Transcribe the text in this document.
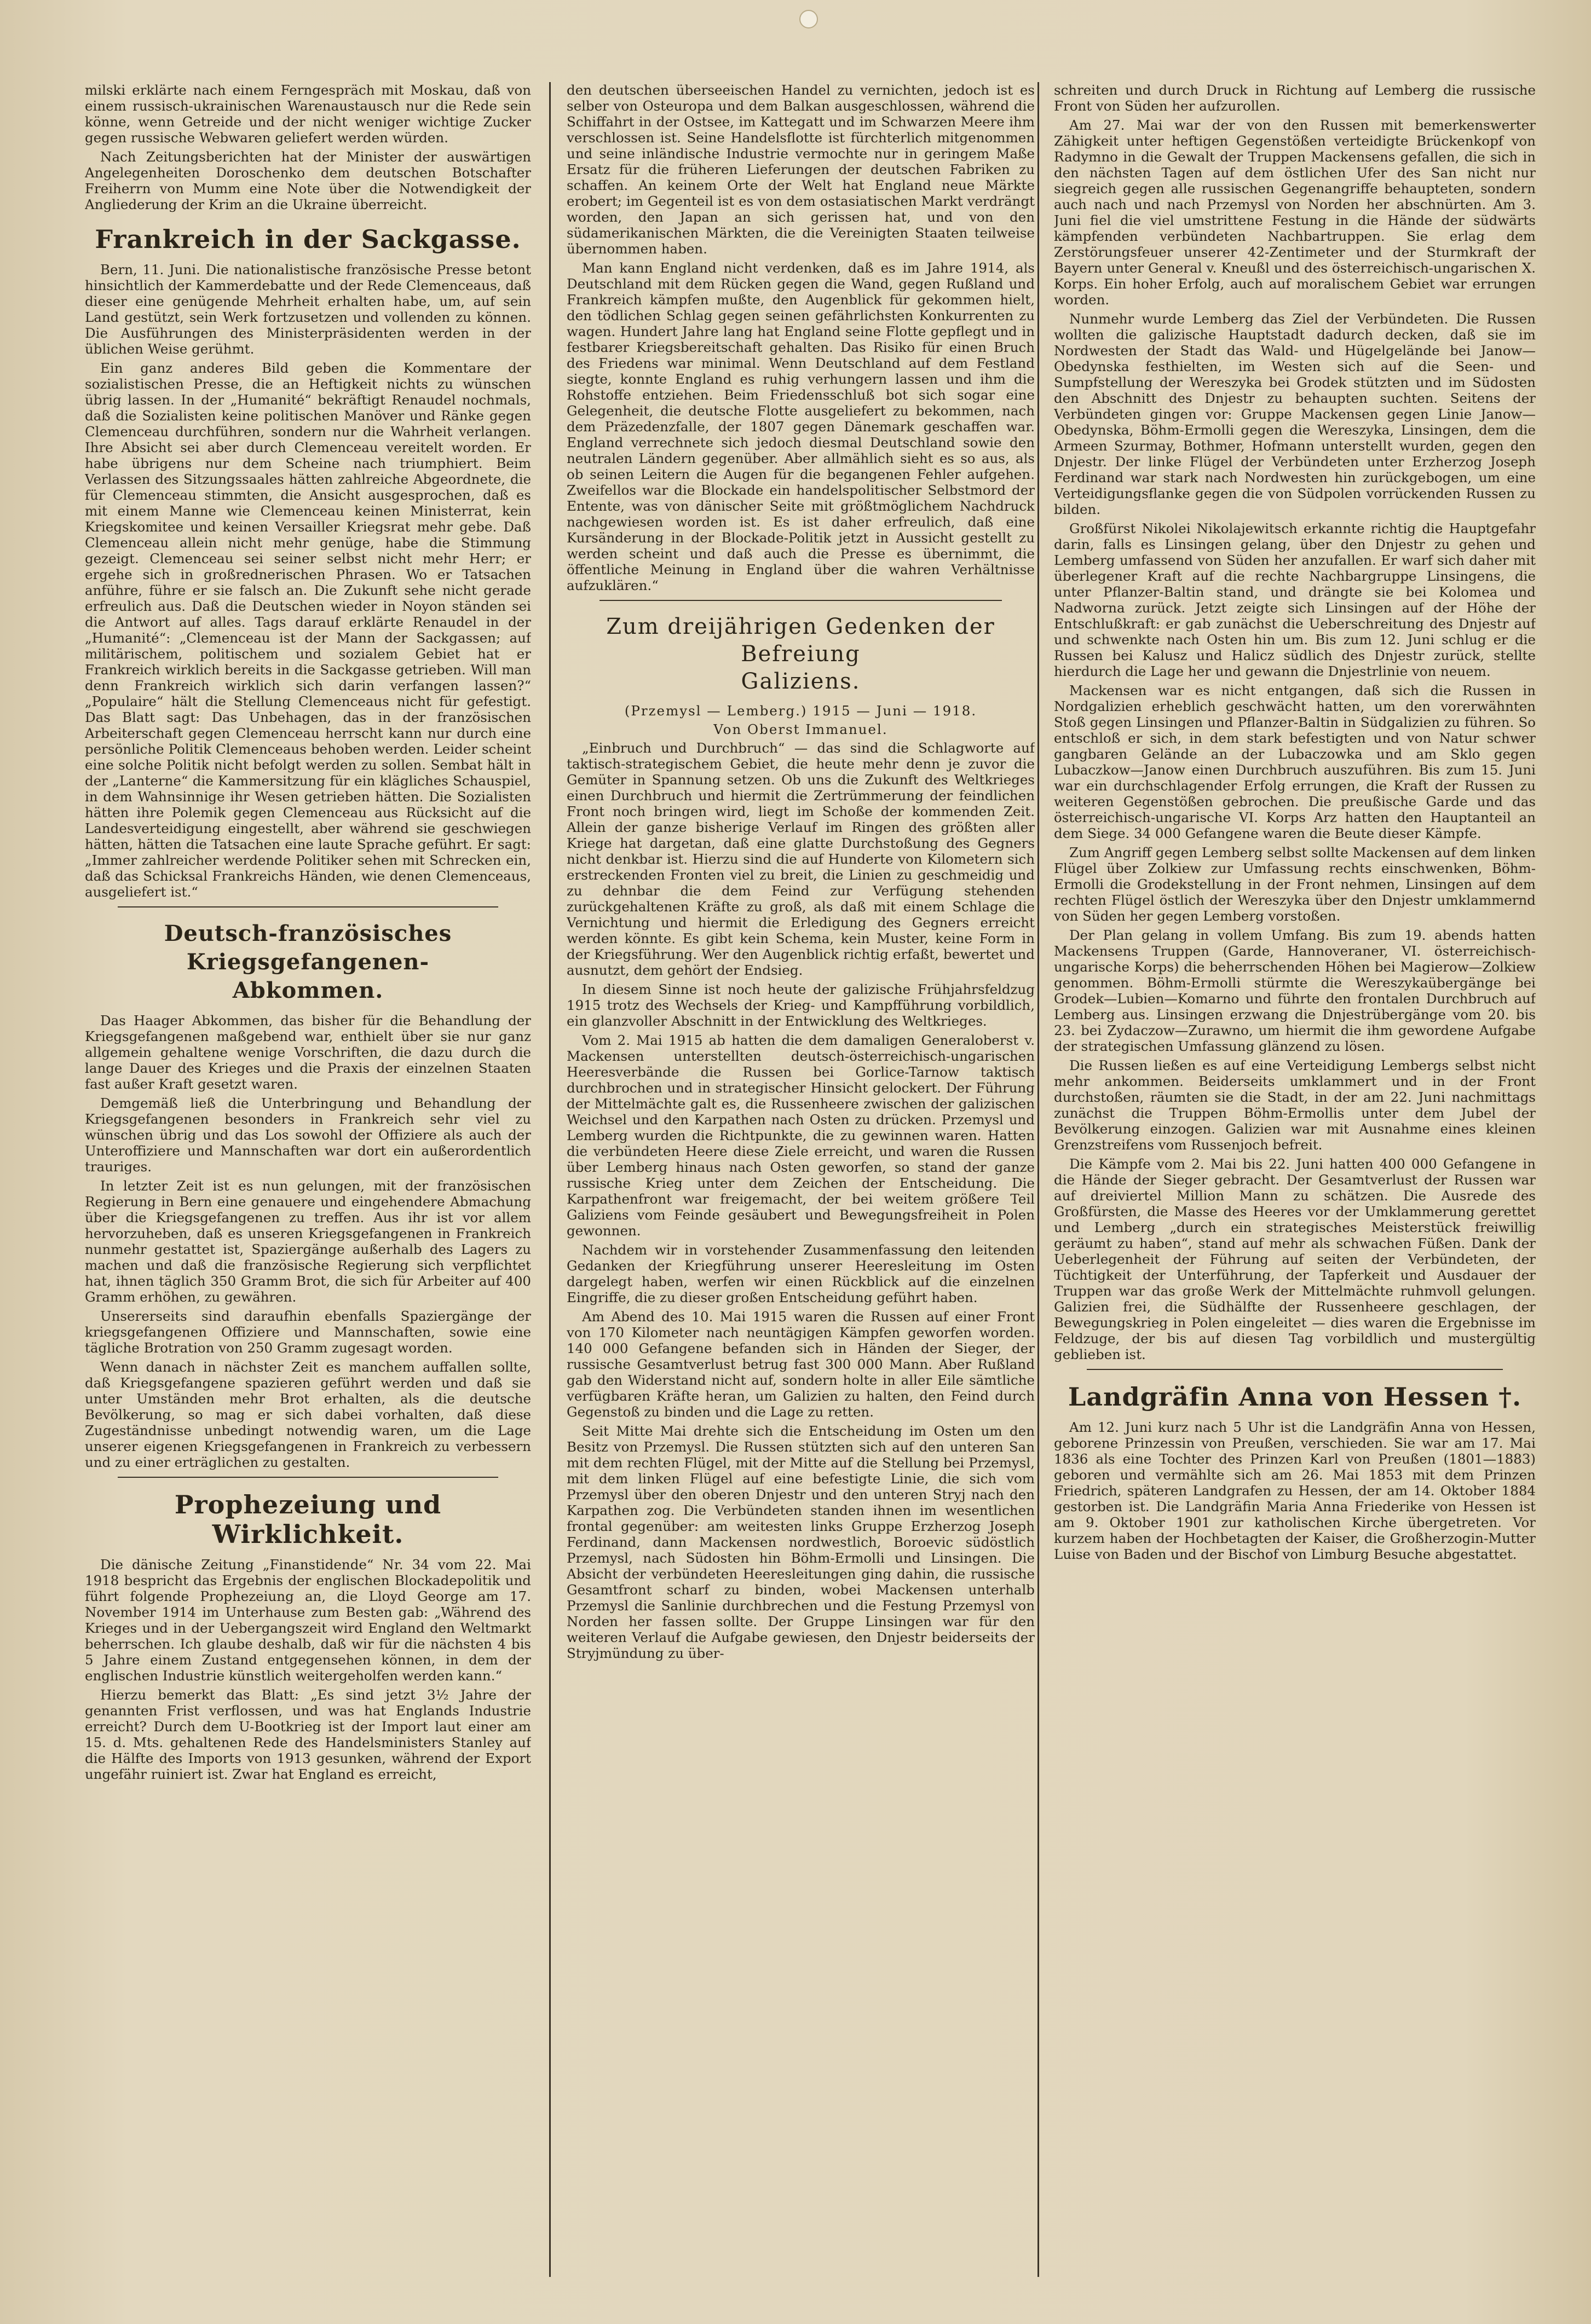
milski erklärte nach einem Ferngespräch mit Moskau, daß von einem russisch-ukrainischen Warenaustausch nur die Rede sein könne, wenn Getreide und der nicht weniger wichtige Zucker gegen russische Webwaren geliefert werden würden.

Nach Zeitungsberichten hat der Minister der auswärtigen Angelegenheiten Doroschenko dem deutschen Botschafter Freiherrn von Mumm eine Note über die Notwendigkeit der Angliederung der Krim an die Ukraine überreicht.

Frankreich in der Sackgasse.

Bern, 11. Juni. Die nationalistische französische Presse betont hinsichtlich der Kammerdebatte und der Rede Clemenceaus, daß dieser eine genügende Mehrheit erhalten habe, um, auf sein Land gestützt, sein Werk fortzusetzen und vollenden zu können. Die Ausführungen des Ministerpräsidenten werden in der üblichen Weise gerühmt.

Ein ganz anderes Bild geben die Kommentare der sozialistischen Presse, die an Heftigkeit nichts zu wünschen übrig lassen. In der „Humanité“ bekräftigt Renaudel nochmals, daß die Sozialisten keine politischen Manöver und Ränke gegen Clemenceau durchführen, sondern nur die Wahrheit verlangen. Ihre Absicht sei aber durch Clemenceau vereitelt worden. Er habe übrigens nur dem Scheine nach triumphiert. Beim Verlassen des Sitzungssaales hätten zahlreiche Abgeordnete, die für Clemenceau stimmten, die Ansicht ausgesprochen, daß es mit einem Manne wie Clemenceau keinen Ministerrat, kein Kriegskomitee und keinen Versailler Kriegsrat mehr gebe. Daß Clemenceau allein nicht mehr genüge, habe die Stimmung gezeigt. Clemenceau sei seiner selbst nicht mehr Herr; er ergehe sich in großrednerischen Phrasen. Wo er Tatsachen anführe, führe er sie falsch an. Die Zukunft sehe nicht gerade erfreulich aus. Daß die Deutschen wieder in Noyon ständen sei die Antwort auf alles. Tags darauf erklärte Renaudel in der „Humanité“: „Clemenceau ist der Mann der Sackgassen; auf militärischem, politischem und sozialem Gebiet hat er Frankreich wirklich bereits in die Sackgasse getrieben. Will man denn Frankreich wirklich sich darin verfangen lassen?“ „Populaire“ hält die Stellung Clemenceaus nicht für gefestigt. Das Blatt sagt: Das Unbehagen, das in der französischen Arbeiterschaft gegen Clemenceau herrscht kann nur durch eine persönliche Politik Clemenceaus behoben werden. Leider scheint eine solche Politik nicht befolgt werden zu sollen. Sembat hält in der „Lanterne“ die Kammersitzung für ein klägliches Schauspiel, in dem Wahnsinnige ihr Wesen getrieben hätten. Die Sozialisten hätten ihre Polemik gegen Clemenceau aus Rücksicht auf die Landesverteidigung eingestellt, aber während sie geschwiegen hätten, hätten die Tatsachen eine laute Sprache geführt. Er sagt: „Immer zahlreicher werdende Politiker sehen mit Schrecken ein, daß das Schicksal Frankreichs Händen, wie denen Clemenceaus, ausgeliefert ist.“

Deutsch-französisches Kriegsgefangenen-
Abkommen.

Das Haager Abkommen, das bisher für die Behandlung der Kriegsgefangenen maßgebend war, enthielt über sie nur ganz allgemein gehaltene wenige Vorschriften, die dazu durch die lange Dauer des Krieges und die Praxis der einzelnen Staaten fast außer Kraft gesetzt waren.

Demgemäß ließ die Unterbringung und Behandlung der Kriegsgefangenen besonders in Frankreich sehr viel zu wünschen übrig und das Los sowohl der Offiziere als auch der Unteroffiziere und Mannschaften war dort ein außerordentlich trauriges.

In letzter Zeit ist es nun gelungen, mit der französischen Regierung in Bern eine genauere und eingehendere Abmachung über die Kriegsgefangenen zu treffen. Aus ihr ist vor allem hervorzuheben, daß es unseren Kriegsgefangenen in Frankreich nunmehr gestattet ist, Spaziergänge außerhalb des Lagers zu machen und daß die französische Regierung sich verpflichtet hat, ihnen täglich 350 Gramm Brot, die sich für Arbeiter auf 400 Gramm erhöhen, zu gewähren.

Unsererseits sind daraufhin ebenfalls Spaziergänge der kriegsgefangenen Offiziere und Mannschaften, sowie eine tägliche Brotration von 250 Gramm zugesagt worden.

Wenn danach in nächster Zeit es manchem auffallen sollte, daß Kriegsgefangene spazieren geführt werden und daß sie unter Umständen mehr Brot erhalten, als die deutsche Bevölkerung, so mag er sich dabei vorhalten, daß diese Zugeständnisse unbedingt notwendig waren, um die Lage unserer eigenen Kriegsgefangenen in Frankreich zu verbessern und zu einer erträglichen zu gestalten.

Prophezeiung und Wirklichkeit.

Die dänische Zeitung „Finanstidende“ Nr. 34 vom 22. Mai 1918 bespricht das Ergebnis der englischen Blockadepolitik und führt folgende Prophezeiung an, die Lloyd George am 17. November 1914 im Unterhause zum Besten gab: „Während des Krieges und in der Uebergangszeit wird England den Weltmarkt beherrschen. Ich glaube deshalb, daß wir für die nächsten 4 bis 5 Jahre einem Zustand entgegensehen können, in dem der englischen Industrie künstlich weitergeholfen werden kann.“

Hierzu bemerkt das Blatt: „Es sind jetzt 3½ Jahre der genannten Frist verflossen, und was hat Englands Industrie erreicht? Durch dem U-Bootkrieg ist der Import laut einer am 15. d. Mts. gehaltenen Rede des Handelsministers Stanley auf die Hälfte des Imports von 1913 gesunken, während der Export ungefähr ruiniert ist. Zwar hat England es erreicht,

den deutschen überseeischen Handel zu vernichten, jedoch ist es selber von Osteuropa und dem Balkan ausgeschlossen, während die Schiffahrt in der Ostsee, im Kattegatt und im Schwarzen Meere ihm verschlossen ist. Seine Handelsflotte ist fürchterlich mitgenommen und seine inländische Industrie vermochte nur in geringem Maße Ersatz für die früheren Lieferungen der deutschen Fabriken zu schaffen. An keinem Orte der Welt hat England neue Märkte erobert; im Gegenteil ist es von dem ostasiatischen Markt verdrängt worden, den Japan an sich gerissen hat, und von den südamerikanischen Märkten, die die Vereinigten Staaten teilweise übernommen haben.

Man kann England nicht verdenken, daß es im Jahre 1914, als Deutschland mit dem Rücken gegen die Wand, gegen Rußland und Frankreich kämpfen mußte, den Augenblick für gekommen hielt, den tödlichen Schlag gegen seinen gefährlichsten Konkurrenten zu wagen. Hundert Jahre lang hat England seine Flotte gepflegt und in festbarer Kriegsbereitschaft gehalten. Das Risiko für einen Bruch des Friedens war minimal. Wenn Deutschland auf dem Festland siegte, konnte England es ruhig verhungern lassen und ihm die Rohstoffe entziehen. Beim Friedensschluß bot sich sogar eine Gelegenheit, die deutsche Flotte ausgeliefert zu bekommen, nach dem Präzedenzfalle, der 1807 gegen Dänemark geschaffen war. England verrechnete sich jedoch diesmal Deutschland sowie den neutralen Ländern gegenüber. Aber allmählich sieht es so aus, als ob seinen Leitern die Augen für die begangenen Fehler aufgehen. Zweifellos war die Blockade ein handelspolitischer Selbstmord der Entente, was von dänischer Seite mit größtmöglichem Nachdruck nachgewiesen worden ist. Es ist daher erfreulich, daß eine Kursänderung in der Blockade-Politik jetzt in Aussicht gestellt zu werden scheint und daß auch die Presse es übernimmt, die öffentliche Meinung in England über die wahren Verhältnisse aufzuklären.“

Zum dreijährigen Gedenken der Befreiung
Galiziens.
(Przemysl — Lemberg.) 1915 — Juni — 1918.
Von Oberst Immanuel.

„Einbruch und Durchbruch“ — das sind die Schlagworte auf taktisch-strategischem Gebiet, die heute mehr denn je zuvor die Gemüter in Spannung setzen. Ob uns die Zukunft des Weltkrieges einen Durchbruch und hiermit die Zertrümmerung der feindlichen Front noch bringen wird, liegt im Schoße der kommenden Zeit. Allein der ganze bisherige Verlauf im Ringen des größten aller Kriege hat dargetan, daß eine glatte Durchstoßung des Gegners nicht denkbar ist. Hierzu sind die auf Hunderte von Kilometern sich erstreckenden Fronten viel zu breit, die Linien zu geschmeidig und zu dehnbar die dem Feind zur Verfügung stehenden zurückgehaltenen Kräfte zu groß, als daß mit einem Schlage die Vernichtung und hiermit die Erledigung des Gegners erreicht werden könnte. Es gibt kein Schema, kein Muster, keine Form in der Kriegsführung. Wer den Augenblick richtig erfaßt, bewertet und ausnutzt, dem gehört der Endsieg.

In diesem Sinne ist noch heute der galizische Frühjahrsfeldzug 1915 trotz des Wechsels der Krieg- und Kampfführung vorbildlich, ein glanzvoller Abschnitt in der Entwicklung des Weltkrieges.

Vom 2. Mai 1915 ab hatten die dem damaligen Generaloberst v. Mackensen unterstellten deutsch-österreichisch-ungarischen Heeresverbände die Russen bei Gorlice-Tarnow taktisch durchbrochen und in strategischer Hinsicht gelockert. Der Führung der Mittelmächte galt es, die Russenheere zwischen der galizischen Weichsel und den Karpathen nach Osten zu drücken. Przemysl und Lemberg wurden die Richtpunkte, die zu gewinnen waren. Hatten die verbündeten Heere diese Ziele erreicht, und waren die Russen über Lemberg hinaus nach Osten geworfen, so stand der ganze russische Krieg unter dem Zeichen der Entscheidung. Die Karpathenfront war freigemacht, der bei weitem größere Teil Galiziens vom Feinde gesäubert und Bewegungsfreiheit in Polen gewonnen.

Nachdem wir in vorstehender Zusammenfassung den leitenden Gedanken der Kriegführung unserer Heeresleitung im Osten dargelegt haben, werfen wir einen Rückblick auf die einzelnen Eingriffe, die zu dieser großen Entscheidung geführt haben.

Am Abend des 10. Mai 1915 waren die Russen auf einer Front von 170 Kilometer nach neuntägigen Kämpfen geworfen worden. 140 000 Gefangene befanden sich in Händen der Sieger, der russische Gesamtverlust betrug fast 300 000 Mann. Aber Rußland gab den Widerstand nicht auf, sondern holte in aller Eile sämtliche verfügbaren Kräfte heran, um Galizien zu halten, den Feind durch Gegenstoß zu binden und die Lage zu retten.

Seit Mitte Mai drehte sich die Entscheidung im Osten um den Besitz von Przemysl. Die Russen stützten sich auf den unteren San mit dem rechten Flügel, mit der Mitte auf die Stellung bei Przemysl, mit dem linken Flügel auf eine befestigte Linie, die sich vom Przemysl über den oberen Dnjestr und den unteren Stryj nach den Karpathen zog. Die Verbündeten standen ihnen im wesentlichen frontal gegenüber: am weitesten links Gruppe Erzherzog Joseph Ferdinand, dann Mackensen nordwestlich, Boroevic südöstlich Przemysl, nach Südosten hin Böhm-Ermolli und Linsingen. Die Absicht der verbündeten Heeresleitungen ging dahin, die russische Gesamtfront scharf zu binden, wobei Mackensen unterhalb Przemysl die Sanlinie durchbrechen und die Festung Przemysl von Norden her fassen sollte. Der Gruppe Linsingen war für den weiteren Verlauf die Aufgabe gewiesen, den Dnjestr beiderseits der Stryjmündung zu über-

schreiten und durch Druck in Richtung auf Lemberg die russische Front von Süden her aufzurollen.

Am 27. Mai war der von den Russen mit bemerkenswerter Zähigkeit unter heftigen Gegenstößen verteidigte Brückenkopf von Radymno in die Gewalt der Truppen Mackensens gefallen, die sich in den nächsten Tagen auf dem östlichen Ufer des San nicht nur siegreich gegen alle russischen Gegenangriffe behaupteten, sondern auch nach und nach Przemysl von Norden her abschnürten. Am 3. Juni fiel die viel umstrittene Festung in die Hände der südwärts kämpfenden verbündeten Nachbartruppen. Sie erlag dem Zerstörungsfeuer unserer 42-Zentimeter und der Sturmkraft der Bayern unter General v. Kneußl und des österreichisch-ungarischen X. Korps. Ein hoher Erfolg, auch auf moralischem Gebiet war errungen worden.

Nunmehr wurde Lemberg das Ziel der Verbündeten. Die Russen wollten die galizische Hauptstadt dadurch decken, daß sie im Nordwesten der Stadt das Wald- und Hügelgelände bei Janow—Obedynska festhielten, im Westen sich auf die Seen- und Sumpfstellung der Wereszyka bei Grodek stützten und im Südosten den Abschnitt des Dnjestr zu behaupten suchten. Seitens der Verbündeten gingen vor: Gruppe Mackensen gegen Linie Janow—Obedynska, Böhm-Ermolli gegen die Wereszyka, Linsingen, dem die Armeen Szurmay, Bothmer, Hofmann unterstellt wurden, gegen den Dnjestr. Der linke Flügel der Verbündeten unter Erzherzog Joseph Ferdinand war stark nach Nordwesten hin zurückgebogen, um eine Verteidigungsflanke gegen die von Südpolen vorrückenden Russen zu bilden.

Großfürst Nikolei Nikolajewitsch erkannte richtig die Hauptgefahr darin, falls es Linsingen gelang, über den Dnjestr zu gehen und Lemberg umfassend von Süden her anzufallen. Er warf sich daher mit überlegener Kraft auf die rechte Nachbargruppe Linsingens, die unter Pflanzer-Baltin stand, und drängte sie bei Kolomea und Nadworna zurück. Jetzt zeigte sich Linsingen auf der Höhe der Entschlußkraft: er gab zunächst die Ueberschreitung des Dnjestr auf und schwenkte nach Osten hin um. Bis zum 12. Juni schlug er die Russen bei Kalusz und Halicz südlich des Dnjestr zurück, stellte hierdurch die Lage her und gewann die Dnjestrlinie von neuem.

Mackensen war es nicht entgangen, daß sich die Russen in Nordgalizien erheblich geschwächt hatten, um den vorerwähnten Stoß gegen Linsingen und Pflanzer-Baltin in Südgalizien zu führen. So entschloß er sich, in dem stark befestigten und von Natur schwer gangbaren Gelände an der Lubaczowka und am Sklo gegen Lubaczkow—Janow einen Durchbruch auszuführen. Bis zum 15. Juni war ein durchschlagender Erfolg errungen, die Kraft der Russen zu weiteren Gegenstößen gebrochen. Die preußische Garde und das österreichisch-ungarische VI. Korps Arz hatten den Hauptanteil an dem Siege. 34 000 Gefangene waren die Beute dieser Kämpfe.

Zum Angriff gegen Lemberg selbst sollte Mackensen auf dem linken Flügel über Zolkiew zur Umfassung rechts einschwenken, Böhm-Ermolli die Grodekstellung in der Front nehmen, Linsingen auf dem rechten Flügel östlich der Wereszyka über den Dnjestr umklammernd von Süden her gegen Lemberg vorstoßen.

Der Plan gelang in vollem Umfang. Bis zum 19. abends hatten Mackensens Truppen (Garde, Hannoveraner, VI. österreichisch-ungarische Korps) die beherrschenden Höhen bei Magierow—Zolkiew genommen. Böhm-Ermolli stürmte die Wereszykaübergänge bei Grodek—Lubien—Komarno und führte den frontalen Durchbruch auf Lemberg aus. Linsingen erzwang die Dnjestrübergänge vom 20. bis 23. bei Zydaczow—Zurawno, um hiermit die ihm gewordene Aufgabe der strategischen Umfassung glänzend zu lösen.

Die Russen ließen es auf eine Verteidigung Lembergs selbst nicht mehr ankommen. Beiderseits umklammert und in der Front durchstoßen, räumten sie die Stadt, in der am 22. Juni nachmittags zunächst die Truppen Böhm-Ermollis unter dem Jubel der Bevölkerung einzogen. Galizien war mit Ausnahme eines kleinen Grenzstreifens vom Russenjoch befreit.

Die Kämpfe vom 2. Mai bis 22. Juni hatten 400 000 Gefangene in die Hände der Sieger gebracht. Der Gesamtverlust der Russen war auf dreiviertel Million Mann zu schätzen. Die Ausrede des Großfürsten, die Masse des Heeres vor der Umklammerung gerettet und Lemberg „durch ein strategisches Meisterstück freiwillig geräumt zu haben“, stand auf mehr als schwachen Füßen. Dank der Ueberlegenheit der Führung auf seiten der Verbündeten, der Tüchtigkeit der Unterführung, der Tapferkeit und Ausdauer der Truppen war das große Werk der Mittelmächte ruhmvoll gelungen. Galizien frei, die Südhälfte der Russenheere geschlagen, der Bewegungskrieg in Polen eingeleitet — dies waren die Ergebnisse im Feldzuge, der bis auf diesen Tag vorbildlich und mustergültig geblieben ist.

Landgräfin Anna von Hessen †.

Am 12. Juni kurz nach 5 Uhr ist die Landgräfin Anna von Hessen, geborene Prinzessin von Preußen, verschieden. Sie war am 17. Mai 1836 als eine Tochter des Prinzen Karl von Preußen (1801—1883) geboren und vermählte sich am 26. Mai 1853 mit dem Prinzen Friedrich, späteren Landgrafen zu Hessen, der am 14. Oktober 1884 gestorben ist. Die Landgräfin Maria Anna Friederike von Hessen ist am 9. Oktober 1901 zur katholischen Kirche übergetreten. Vor kurzem haben der Hochbetagten der Kaiser, die Großherzogin-Mutter Luise von Baden und der Bischof von Limburg Besuche abgestattet.
